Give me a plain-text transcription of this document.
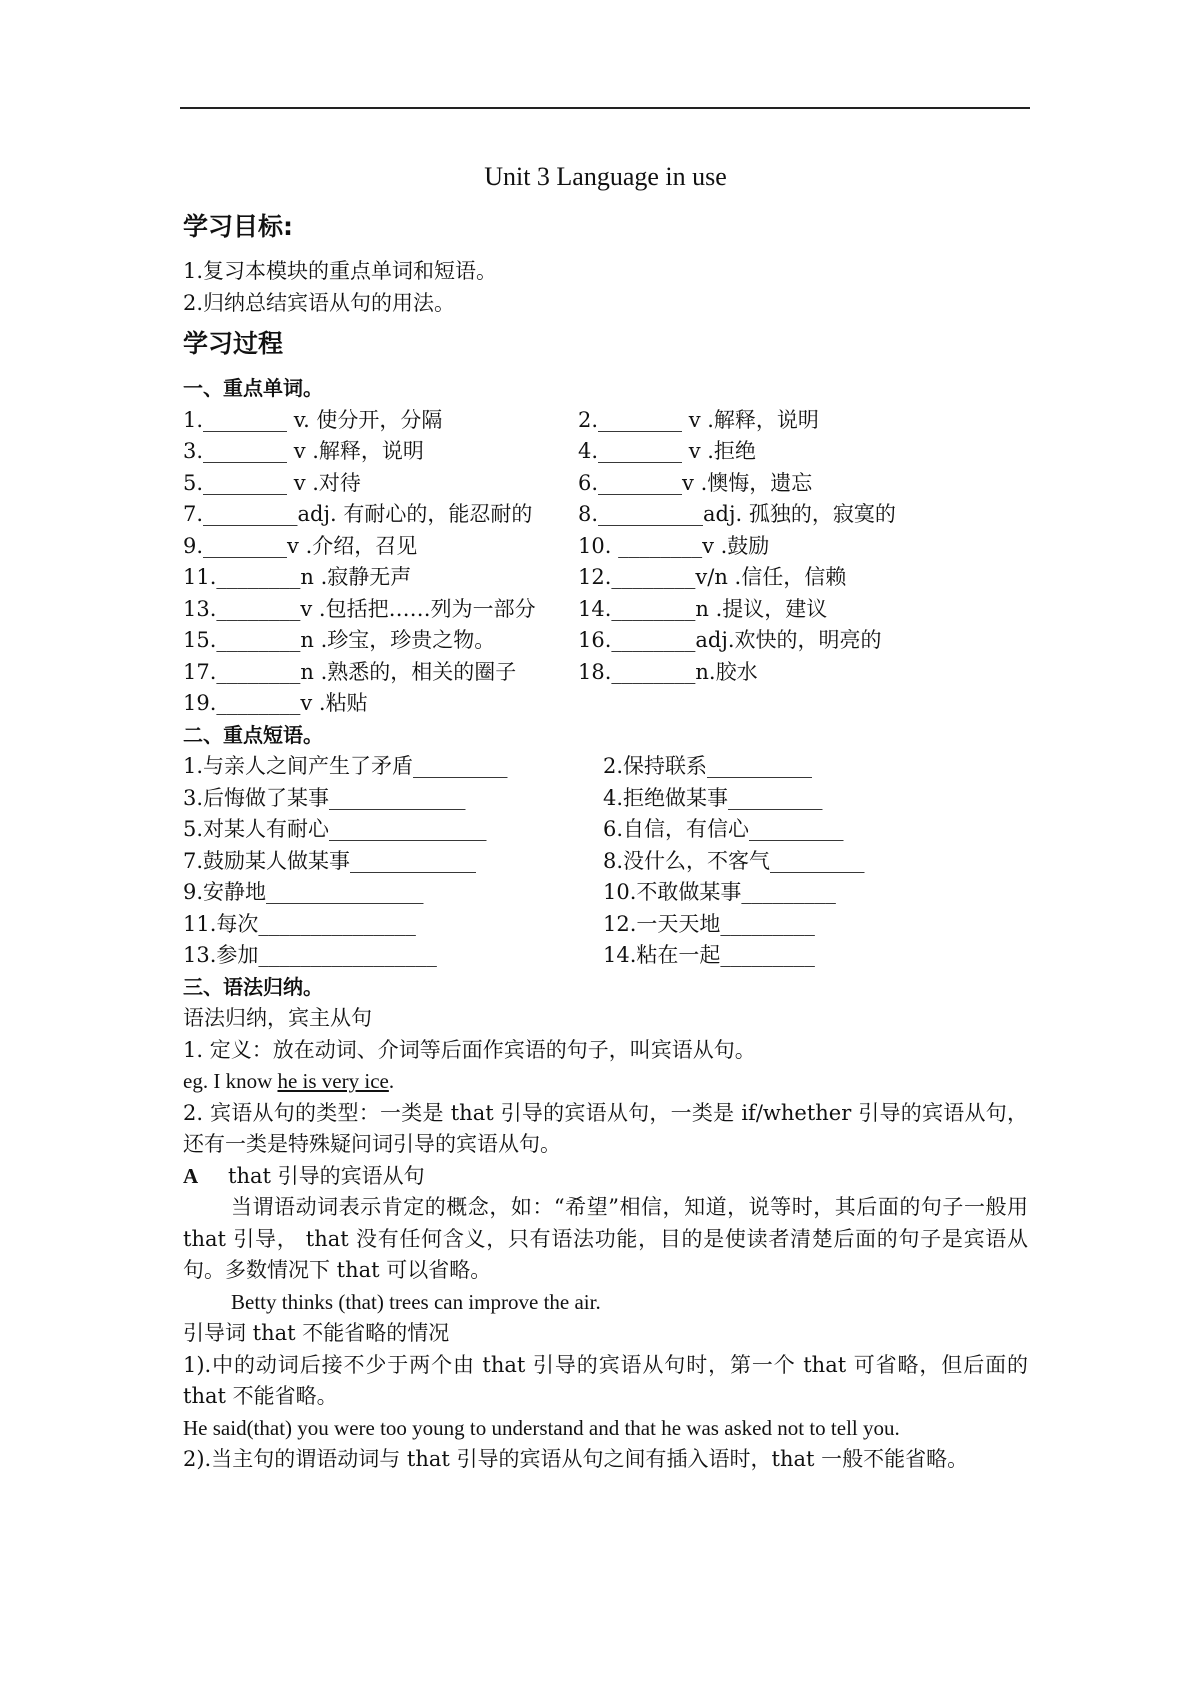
Unit 3 Language in use
学习目标:
1.复习本模块的重点单词和短语。
2.归纳总结宾语从句的用法。
学习过程
一、重点单词。
1.________ v. 使分开，分隔	2.________ v .解释，说明
3.________ v .解释，说明	4.________ v .拒绝
5.________ v .对待	6.________v .懊悔，遗忘
7._________adj. 有耐心的，能忍耐的	8.__________adj. 孤独的，寂寞的
9.________v .介绍，召见	10. ________v .鼓励
11.________n .寂静无声	12.________v/n .信任，信赖
13.________v .包括把……列为一部分	14.________n .提议，建议
15.________n .珍宝，珍贵之物。	16.________adj.欢快的，明亮的
17.________n .熟悉的，相关的圈子	18.________n.胶水
19.________v .粘贴
二、重点短语。
1.与亲人之间产生了矛盾_________	2.保持联系__________
3.后悔做了某事_____________	4.拒绝做某事_________
5.对某人有耐心_______________	6.自信，有信心_________
7.鼓励某人做某事____________	8.没什么，不客气_________
9.安静地_______________	10.不敢做某事_________
11.每次_______________	12.一天天地_________
13.参加_________________	14.粘在一起_________
三、语法归纳。
语法归纳，宾主从句
1. 定义：放在动词、介词等后面作宾语的句子，叫宾语从句。
eg. I know he is very ice.
2. 宾语从句的类型：一类是 that 引导的宾语从句，一类是 if/whether 引导的宾语从句，还有一类是特殊疑问词引导的宾语从句。
A that 引导的宾语从句
当谓语动词表示肯定的概念，如：“希望”相信，知道，说等时，其后面的句子一般用 that 引导， that 没有任何含义，只有语法功能，目的是使读者清楚后面的句子是宾语从句。多数情况下 that 可以省略。
Betty thinks (that) trees can improve the air.
引导词 that 不能省略的情况
1).中的动词后接不少于两个由 that 引导的宾语从句时，第一个 that 可省略，但后面的 that 不能省略。
He said(that) you were too young to understand and that he was asked not to tell you.
2).当主句的谓语动词与 that 引导的宾语从句之间有插入语时，that 一般不能省略。
